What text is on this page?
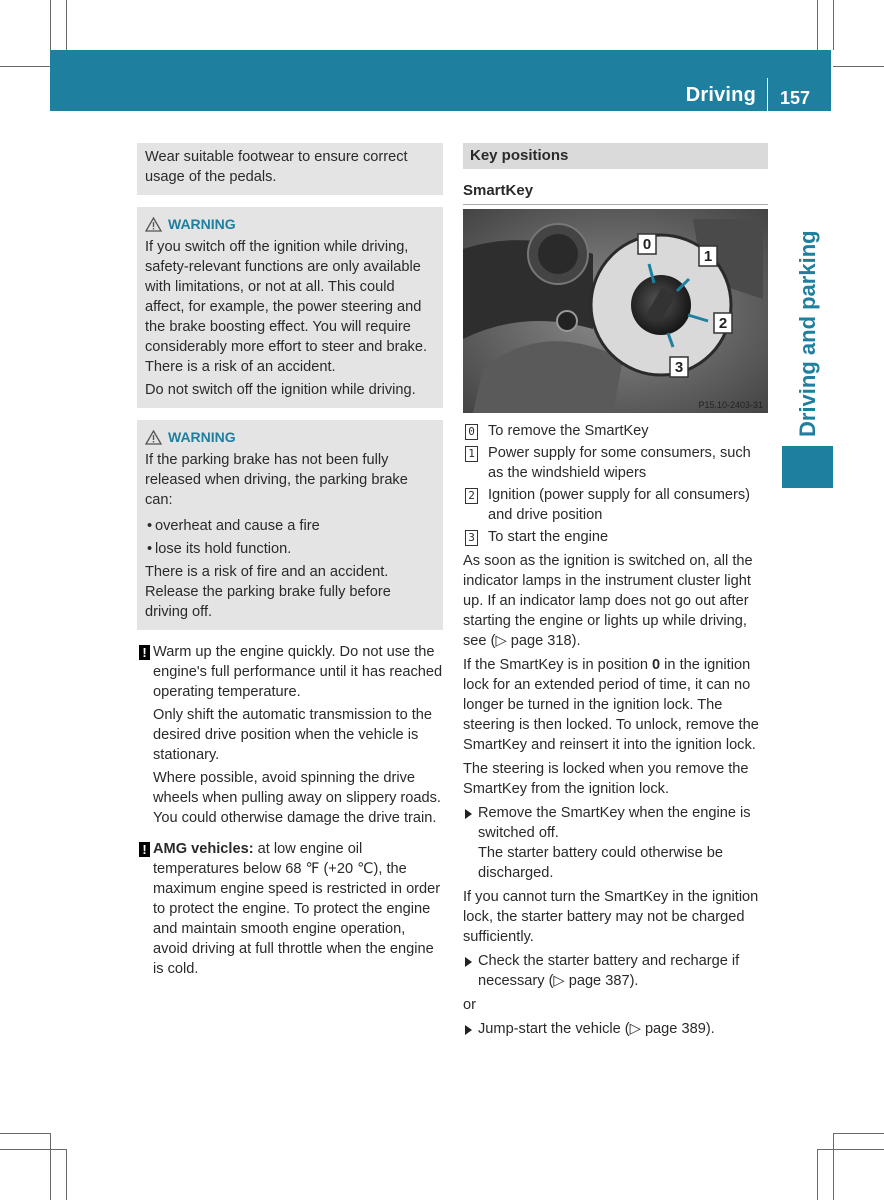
Driving 157
Driving and parking

Wear suitable footwear to ensure correct usage of the pedals.

WARNING

If you switch off the ignition while driving, safety-relevant functions are only available with limitations, or not at all. This could affect, for example, the power steering and the brake boosting effect. You will require considerably more effort to steer and brake. There is a risk of an accident.

Do not switch off the ignition while driving.

WARNING

If the parking brake has not been fully released when driving, the parking brake can:

• overheat and cause a fire
• lose its hold function.

There is a risk of fire and an accident. Release the parking brake fully before driving off.

! Warm up the engine quickly. Do not use the engine's full performance until it has reached operating temperature.

Only shift the automatic transmission to the desired drive position when the vehicle is stationary.

Where possible, avoid spinning the drive wheels when pulling away on slippery roads. You could otherwise damage the drive train.

! AMG vehicles: at low engine oil temperatures below 68 ℉ (+20 ℃), the maximum engine speed is restricted in order to protect the engine. To protect the engine and maintain smooth engine operation, avoid driving at full throttle when the engine is cold.

Key positions
SmartKey
0
1
2
3
P15.10-2403-31
0 To remove the SmartKey
1 Power supply for some consumers, such as the windshield wipers
2 Ignition (power supply for all consumers) and drive position
3 To start the engine

As soon as the ignition is switched on, all the indicator lamps in the instrument cluster light up. If an indicator lamp does not go out after starting the engine or lights up while driving, see (▷ page 318).

If the SmartKey is in position 0 in the ignition lock for an extended period of time, it can no longer be turned in the ignition lock. The steering is then locked. To unlock, remove the SmartKey and reinsert it into the ignition lock.

The steering is locked when you remove the SmartKey from the ignition lock.

Remove the SmartKey when the engine is switched off.
The starter battery could otherwise be discharged.

If you cannot turn the SmartKey in the ignition lock, the starter battery may not be charged sufficiently.

Check the starter battery and recharge if necessary (▷ page 387).

or

Jump-start the vehicle (▷ page 389).
